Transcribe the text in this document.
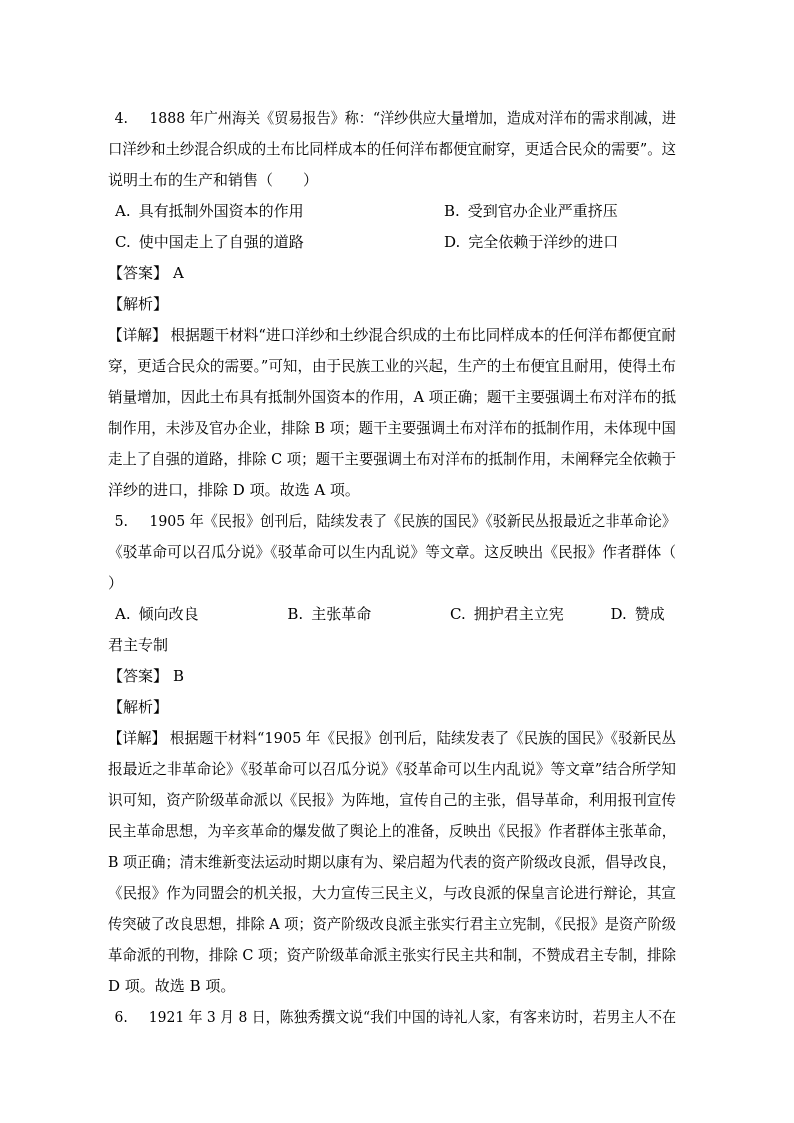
4. 1888 年广州海关《贸易报告》称：“洋纱供应大量增加，造成对洋布的需求削减，进
口洋纱和土纱混合织成的土布比同样成本的任何洋布都便宜耐穿，更适合民众的需要”。这
说明土布的生产和销售（　　）
A. 具有抵制外国资本的作用	B. 受到官办企业严重挤压
C. 使中国走上了自强的道路	D. 完全依赖于洋纱的进口
【答案】 A
【解析】
【详解】 根据题干材料“进口洋纱和土纱混合织成的土布比同样成本的任何洋布都便宜耐
穿，更适合民众的需要。”可知，由于民族工业的兴起，生产的土布便宜且耐用，使得土布
销量增加，因此土布具有抵制外国资本的作用，A 项正确；题干主要强调土布对洋布的抵
制作用，未涉及官办企业，排除 B 项；题干主要强调土布对洋布的抵制作用，未体现中国
走上了自强的道路，排除 C 项；题干主要强调土布对洋布的抵制作用，未阐释完全依赖于
洋纱的进口，排除 D 项。故选 A 项。
5. 1905 年《民报》创刊后，陆续发表了《民族的国民》《驳新民丛报最近之非革命论》
《驳革命可以召瓜分说》《驳革命可以生内乱说》等文章。这反映出《民报》作者群体（
）
A. 倾向改良	B. 主张革命	C. 拥护君主立宪	D. 赞成君主专制
【答案】 B
【解析】
【详解】 根据题干材料“1905 年《民报》创刊后，陆续发表了《民族的国民》《驳新民丛
报最近之非革命论》《驳革命可以召瓜分说》《驳革命可以生内乱说》等文章”结合所学知
识可知，资产阶级革命派以《民报》为阵地，宣传自己的主张，倡导革命，利用报刊宣传
民主革命思想，为辛亥革命的爆发做了舆论上的准备，反映出《民报》作者群体主张革命，
B 项正确；清末维新变法运动时期以康有为、梁启超为代表的资产阶级改良派，倡导改良，
《民报》作为同盟会的机关报，大力宣传三民主义，与改良派的保皇言论进行辩论，其宣
传突破了改良思想，排除 A 项；资产阶级改良派主张实行君主立宪制，《民报》是资产阶级
革命派的刊物，排除 C 项；资产阶级革命派主张实行民主共和制，不赞成君主专制，排除
D 项。故选 B 项。
6. 1921 年 3 月 8 日，陈独秀撰文说“我们中国的诗礼人家，有客来访时，若男主人不在
